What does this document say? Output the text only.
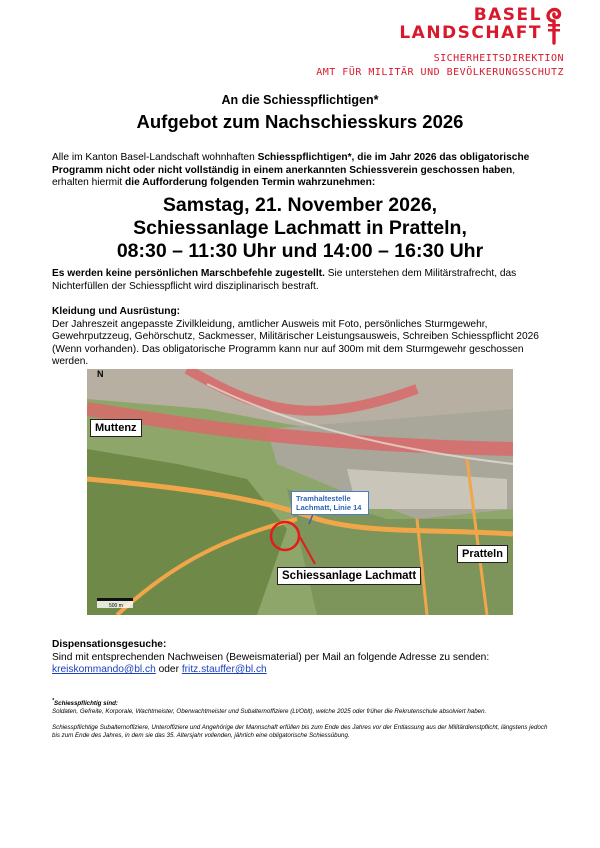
BASEL
LANDSCHAFT
SICHERHEITSDIREKTION
AMT FÜR MILITÄR UND BEVÖLKERUNGSSCHUTZ
An die Schiesspflichtigen*
Aufgebot zum Nachschiesskurs 2026
Alle im Kanton Basel-Landschaft wohnhaften Schiesspflichtigen*, die im Jahr 2026 das obligatorische Programm nicht oder nicht vollständig in einem anerkannten Schiessverein geschossen haben, erhalten hiermit die Aufforderung folgenden Termin wahrzunehmen:
Samstag, 21. November 2026,
Schiessanlage Lachmatt in Pratteln,
08:30 – 11:30 Uhr und 14:00 – 16:30 Uhr
Es werden keine persönlichen Marschbefehle zugestellt. Sie unterstehen dem Militärstrafrecht, das Nichterfüllen der Schiesspflicht wird disziplinarisch bestraft.
Kleidung und Ausrüstung:
Der Jahreszeit angepasste Zivilkleidung, amtlicher Ausweis mit Foto, persönliches Sturmgewehr, Gewehrputzzeug, Gehörschutz, Sackmesser, Militärischer Leistungsausweis, Schreiben Schiesspflicht 2026 (Wenn vorhanden). Das obligatorische Programm kann nur auf 300m mit dem Sturmgewehr geschossen werden.
N
500 m
Muttenz
Pratteln
Tramhaltestelle Lachmatt, Linie 14
Schiessanlage Lachmatt
Dispensationsgesuche:
Sind mit entsprechenden Nachweisen (Beweismaterial) per Mail an folgende Adresse zu senden:
kreiskommando@bl.ch oder fritz.stauffer@bl.ch
*Schiesspflichtig sind:
Soldaten, Gefreite, Korporale, Wachtmeister, Oberwachtmeister und Subalternoffiziere (Lt/Oblt), welche 2025 oder früher die Rekrutenschule absolviert haben.
Schiesspflichtige Subalternoffiziere, Unteroffiziere und Angehörige der Mannschaft erfüllen bis zum Ende des Jahres vor der Entlassung aus der Militärdienstpflicht, längstens jedoch bis zum Ende des Jahres, in dem sie das 35. Altersjahr vollenden, jährlich eine obligatorische Schiessübung.
